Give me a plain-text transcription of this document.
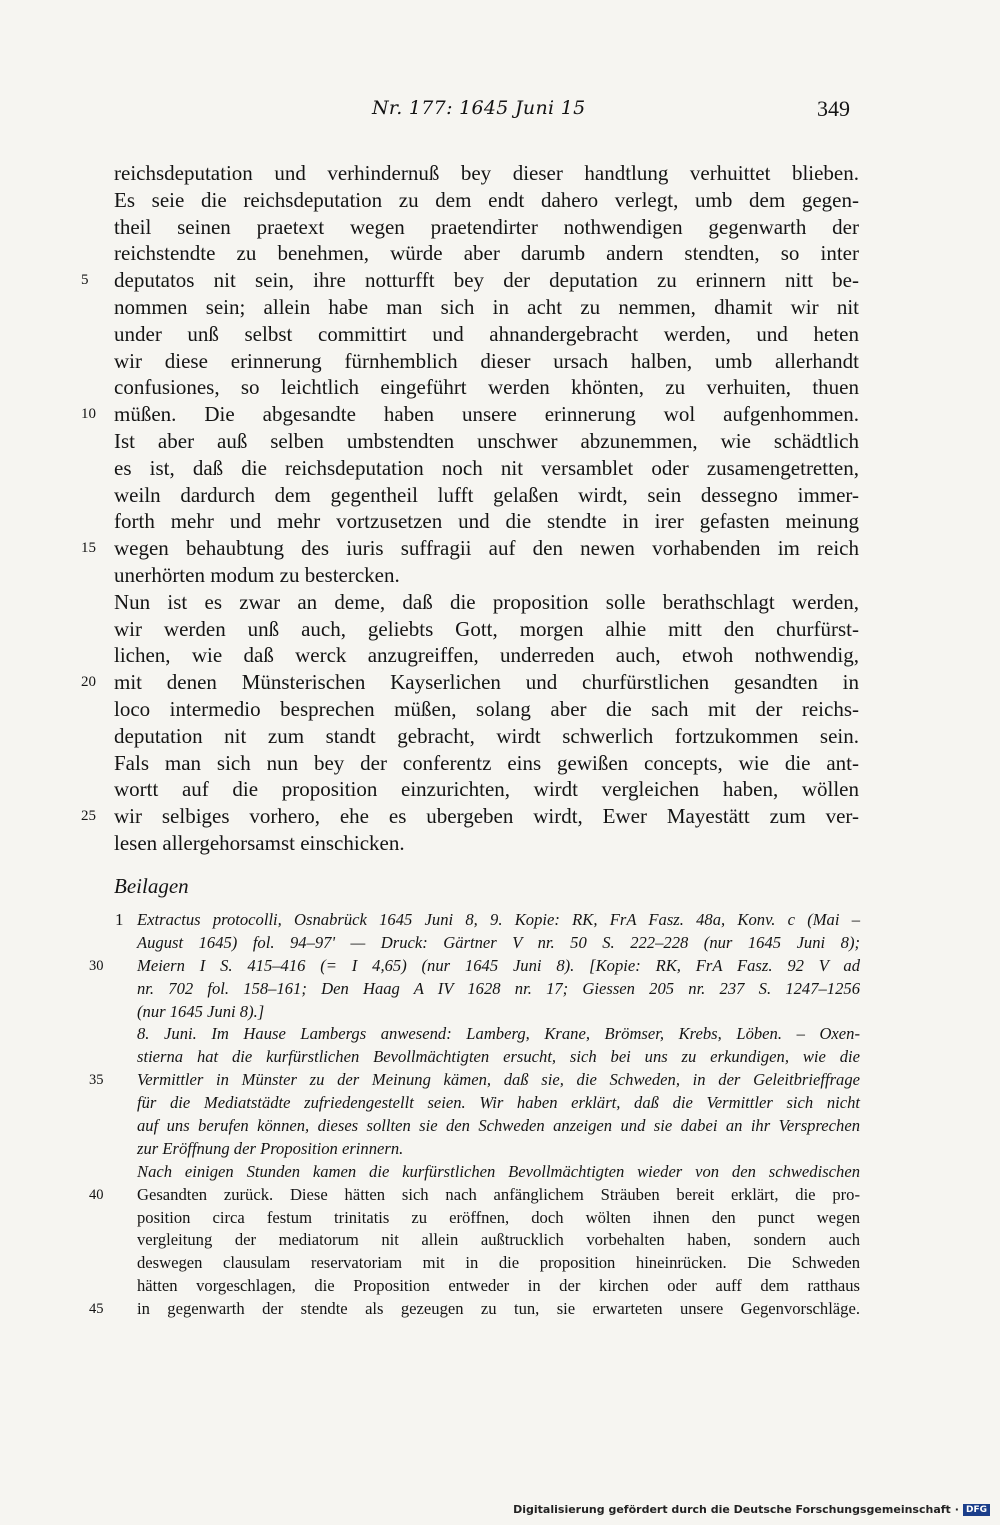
Nr. 177: 1645 Juni 15	349
reichsdeputation und verhindernuß bey dieser handtlung verhuittet blieben.
Es seie die reichsdeputation zu dem endt dahero verlegt, umb dem gegen-
theil seinen praetext wegen praetendirter nothwendigen gegenwarth der
reichstendte zu benehmen, würde aber darumb andern stendten, so inter
deputatos nit sein, ihre notturfft bey der deputation zu erinnern nitt be-
5
nommen sein; allein habe man sich in acht zu nemmen, dhamit wir nit
under unß selbst committirt und ahnandergebracht werden, und heten
wir diese erinnerung fürnhemblich dieser ursach halben, umb allerhandt
confusiones, so leichtlich eingeführt werden khönten, zu verhuiten, thuen
müßen. Die abgesandte haben unsere erinnerung wol aufgenhommen.
10
Ist aber auß selben umbstendten unschwer abzunemmen, wie schädtlich
es ist, daß die reichsdeputation noch nit versamblet oder zusamengetretten,
weiln dardurch dem gegentheil lufft gelaßen wirdt, sein dessegno immer-
forth mehr und mehr vortzusetzen und die stendte in irer gefasten meinung
wegen behaubtung des iuris suffragii auf den newen vorhabenden im reich
15
unerhörten modum zu bestercken.
Nun ist es zwar an deme, daß die proposition solle berathschlagt werden,
wir werden unß auch, geliebts Gott, morgen alhie mitt den churfürst-
lichen, wie daß werck anzugreiffen, underreden auch, etwoh nothwendig,
mit denen Münsterischen Kayserlichen und churfürstlichen gesandten in
20
loco intermedio besprechen müßen, solang aber die sach mit der reichs-
deputation nit zum standt gebracht, wirdt schwerlich fortzukommen sein.
Fals man sich nun bey der conferentz eins gewißen concepts, wie die ant-
wortt auf die proposition einzurichten, wirdt vergleichen haben, wöllen
wir selbiges vorhero, ehe es ubergeben wirdt, Ewer Mayestätt zum ver-
25
lesen allergehorsamst einschicken.
Beilagen
1 Extractus protocolli, Osnabrück 1645 Juni 8, 9. Kopie: RK, FrA Fasz. 48a, Konv. c (Mai –
August 1645) fol. 94–97' — Druck: Gärtner V nr. 50 S. 222–228 (nur 1645 Juni 8);
Meiern I S. 415–416 (= I 4,65) (nur 1645 Juni 8). [Kopie: RK, FrA Fasz. 92 V ad
30
nr. 702 fol. 158–161; Den Haag A IV 1628 nr. 17; Giessen 205 nr. 237 S. 1247–1256
(nur 1645 Juni 8).]
8. Juni. Im Hause Lambergs anwesend: Lamberg, Krane, Brömser, Krebs, Löben. – Oxen-
stierna hat die kurfürstlichen Bevollmächtigten ersucht, sich bei uns zu erkundigen, wie die
Vermittler in Münster zu der Meinung kämen, daß sie, die Schweden, in der Geleitbrieffrage
35
für die Mediatstädte zufriedengestellt seien. Wir haben erklärt, daß die Vermittler sich nicht
auf uns berufen können, dieses sollten sie den Schweden anzeigen und sie dabei an ihr Versprechen
zur Eröffnung der Proposition erinnern.
Nach einigen Stunden kamen die kurfürstlichen Bevollmächtigten wieder von den schwedischen
Gesandten zurück. Diese hätten sich nach anfänglichem Sträuben bereit erklärt, die pro-
40
position circa festum trinitatis zu eröffnen, doch wölten ihnen den punct wegen
vergleitung der mediatorum nit allein außtrucklich vorbehalten haben, sondern auch
deswegen clausulam reservatoriam mit in die proposition hineinrücken. Die Schweden
hätten vorgeschlagen, die Proposition entweder in der kirchen oder auff dem ratthaus
in gegenwarth der stendte als gezeugen zu tun, sie erwarteten unsere Gegenvorschläge.
45
Digitalisierung gefördert durch die Deutsche Forschungsgemeinschaft · DFG
